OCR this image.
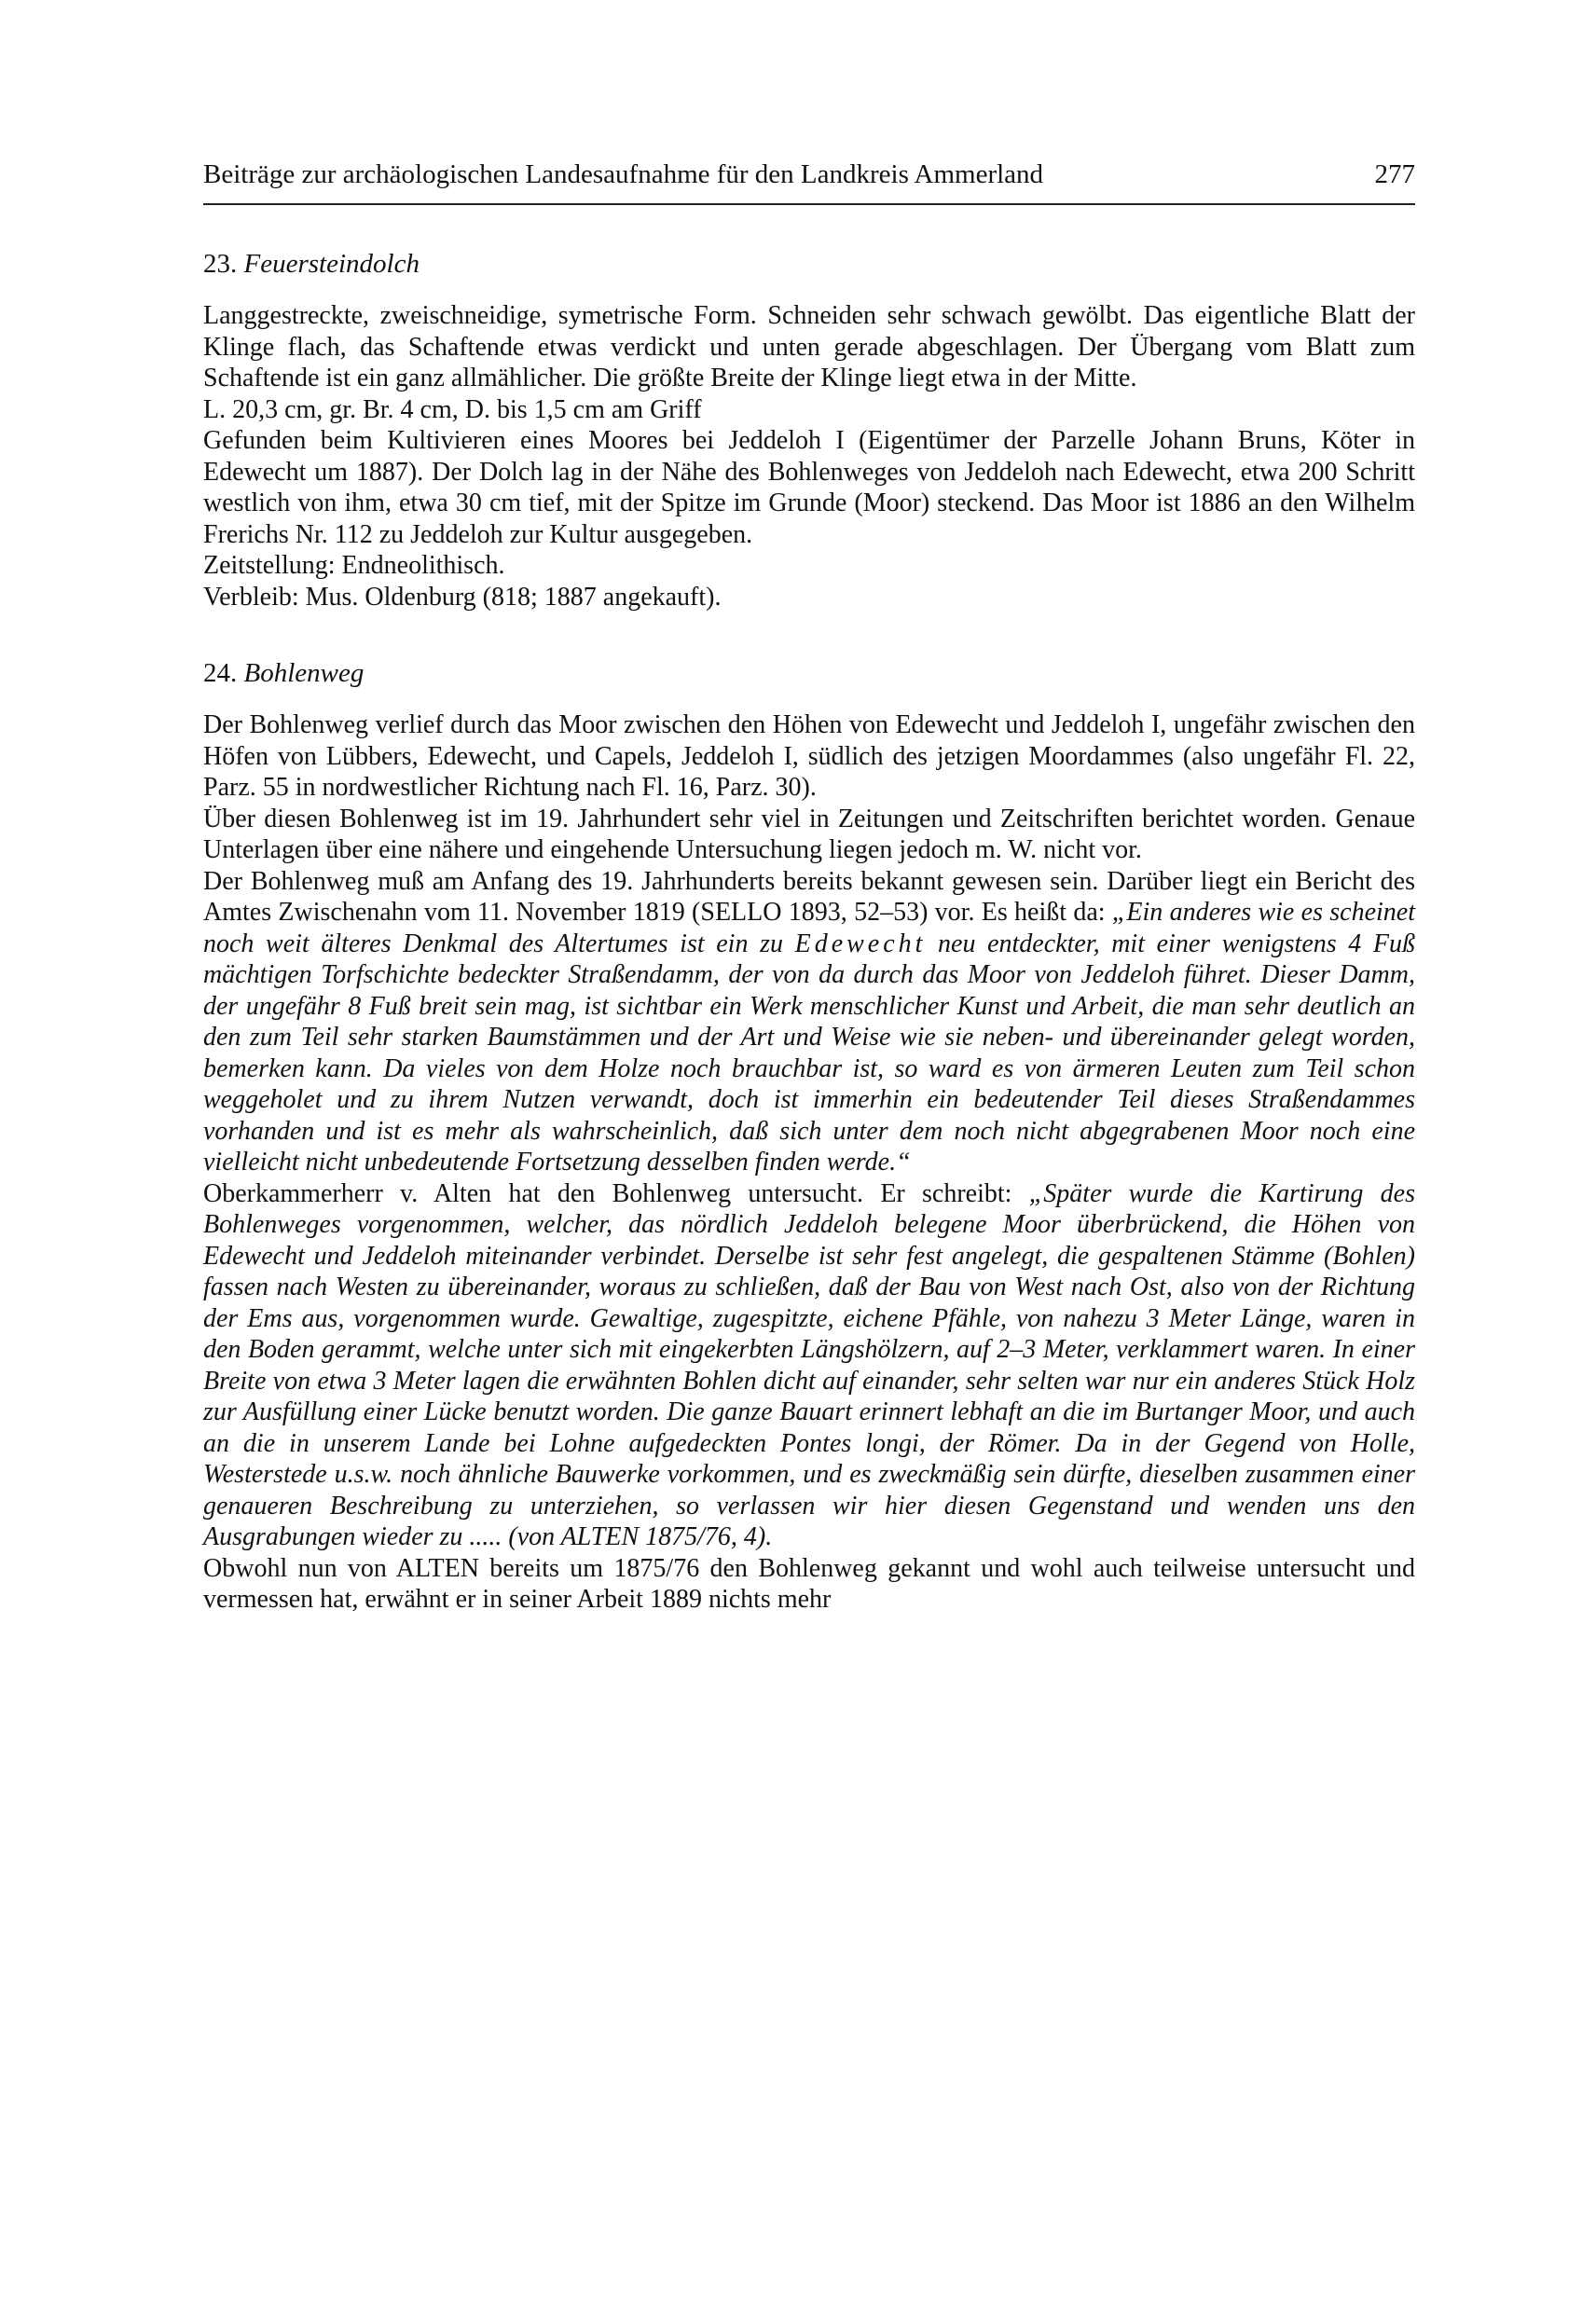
Beiträge zur archäologischen Landesaufnahme für den Landkreis Ammerland	277
23. Feuersteindolch

Langgestreckte, zweischneidige, symetrische Form. Schneiden sehr schwach gewölbt. Das eigentliche Blatt der Klinge flach, das Schaftende etwas verdickt und unten gerade abgeschlagen. Der Übergang vom Blatt zum Schaftende ist ein ganz allmählicher. Die größte Breite der Klinge liegt etwa in der Mitte.

L. 20,3 cm, gr. Br. 4 cm, D. bis 1,5 cm am Griff

Gefunden beim Kultivieren eines Moores bei Jeddeloh I (Eigentümer der Parzelle Johann Bruns, Köter in Edewecht um 1887). Der Dolch lag in der Nähe des Bohlenweges von Jeddeloh nach Edewecht, etwa 200 Schritt westlich von ihm, etwa 30 cm tief, mit der Spitze im Grunde (Moor) steckend. Das Moor ist 1886 an den Wilhelm Frerichs Nr. 112 zu Jeddeloh zur Kultur ausgegeben.

Zeitstellung: Endneolithisch.

Verbleib: Mus. Oldenburg (818; 1887 angekauft).

24. Bohlenweg

Der Bohlenweg verlief durch das Moor zwischen den Höhen von Edewecht und Jeddeloh I, ungefähr zwischen den Höfen von Lübbers, Edewecht, und Capels, Jeddeloh I, südlich des jetzigen Moordammes (also ungefähr Fl. 22, Parz. 55 in nordwestlicher Richtung nach Fl. 16, Parz. 30).

Über diesen Bohlenweg ist im 19. Jahrhundert sehr viel in Zeitungen und Zeitschriften berichtet worden. Genaue Unterlagen über eine nähere und eingehende Untersuchung liegen jedoch m. W. nicht vor.

Der Bohlenweg muß am Anfang des 19. Jahrhunderts bereits bekannt gewesen sein. Darüber liegt ein Bericht des Amtes Zwischenahn vom 11. November 1819 (SELLO 1893, 52–53) vor. Es heißt da: „Ein anderes wie es scheinet noch weit älteres Denkmal des Altertumes ist ein zu Edewecht neu entdeckter, mit einer wenigstens 4 Fuß mächtigen Torfschichte bedeckter Straßendamm, der von da durch das Moor von Jeddeloh führet. Dieser Damm, der ungefähr 8 Fuß breit sein mag, ist sichtbar ein Werk menschlicher Kunst und Arbeit, die man sehr deutlich an den zum Teil sehr starken Baumstämmen und der Art und Weise wie sie neben- und übereinander gelegt worden, bemerken kann. Da vieles von dem Holze noch brauchbar ist, so ward es von ärmeren Leuten zum Teil schon weggeholet und zu ihrem Nutzen verwandt, doch ist immerhin ein bedeutender Teil dieses Straßendammes vorhanden und ist es mehr als wahrscheinlich, daß sich unter dem noch nicht abgegrabenen Moor noch eine vielleicht nicht unbedeutende Fortsetzung desselben finden werde.“

Oberkammerherr v. Alten hat den Bohlenweg untersucht. Er schreibt: „Später wurde die Kartirung des Bohlenweges vorgenommen, welcher, das nördlich Jeddeloh belegene Moor überbrückend, die Höhen von Edewecht und Jeddeloh miteinander verbindet. Derselbe ist sehr fest angelegt, die gespaltenen Stämme (Bohlen) fassen nach Westen zu übereinander, woraus zu schließen, daß der Bau von West nach Ost, also von der Richtung der Ems aus, vorgenommen wurde. Gewaltige, zugespitzte, eichene Pfähle, von nahezu 3 Meter Länge, waren in den Boden gerammt, welche unter sich mit eingekerbten Längshölzern, auf 2–3 Meter, verklammert waren. In einer Breite von etwa 3 Meter lagen die erwähnten Bohlen dicht auf einander, sehr selten war nur ein anderes Stück Holz zur Ausfüllung einer Lücke benutzt worden. Die ganze Bauart erinnert lebhaft an die im Burtanger Moor, und auch an die in unserem Lande bei Lohne aufgedeckten Pontes longi, der Römer. Da in der Gegend von Holle, Westerstede u.s.w. noch ähnliche Bauwerke vorkommen, und es zweckmäßig sein dürfte, dieselben zusammen einer genaueren Beschreibung zu unterziehen, so verlassen wir hier diesen Gegenstand und wenden uns den Ausgrabungen wieder zu ..... (von ALTEN 1875/76, 4).

Obwohl nun von ALTEN bereits um 1875/76 den Bohlenweg gekannt und wohl auch teilweise untersucht und vermessen hat, erwähnt er in seiner Arbeit 1889 nichts mehr
